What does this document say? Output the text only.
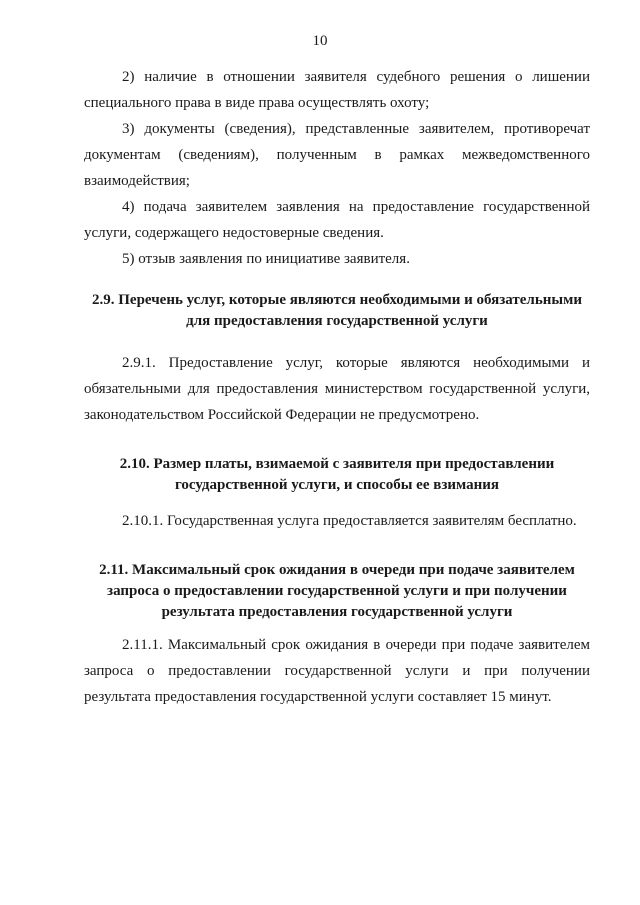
10
2) наличие в отношении заявителя судебного решения о лишении специального права в виде права осуществлять охоту;
3) документы (сведения), представленные заявителем, противоречат документам (сведениям), полученным в рамках межведомственного взаимодействия;
4) подача заявителем заявления на предоставление государственной услуги, содержащего недостоверные сведения.
5) отзыв заявления по инициативе заявителя.
2.9. Перечень услуг, которые являются необходимыми и обязательными для предоставления государственной услуги
2.9.1. Предоставление услуг, которые являются необходимыми и обязательными для предоставления министерством государственной услуги, законодательством Российской Федерации не предусмотрено.
2.10. Размер платы, взимаемой с заявителя при предоставлении государственной услуги, и способы ее взимания
2.10.1. Государственная услуга предоставляется заявителям бесплатно.
2.11. Максимальный срок ожидания в очереди при подаче заявителем запроса о предоставлении государственной услуги и при получении результата предоставления государственной услуги
2.11.1. Максимальный срок ожидания в очереди при подаче заявителем запроса о предоставлении государственной услуги и при получении результата предоставления государственной услуги составляет 15 минут.
